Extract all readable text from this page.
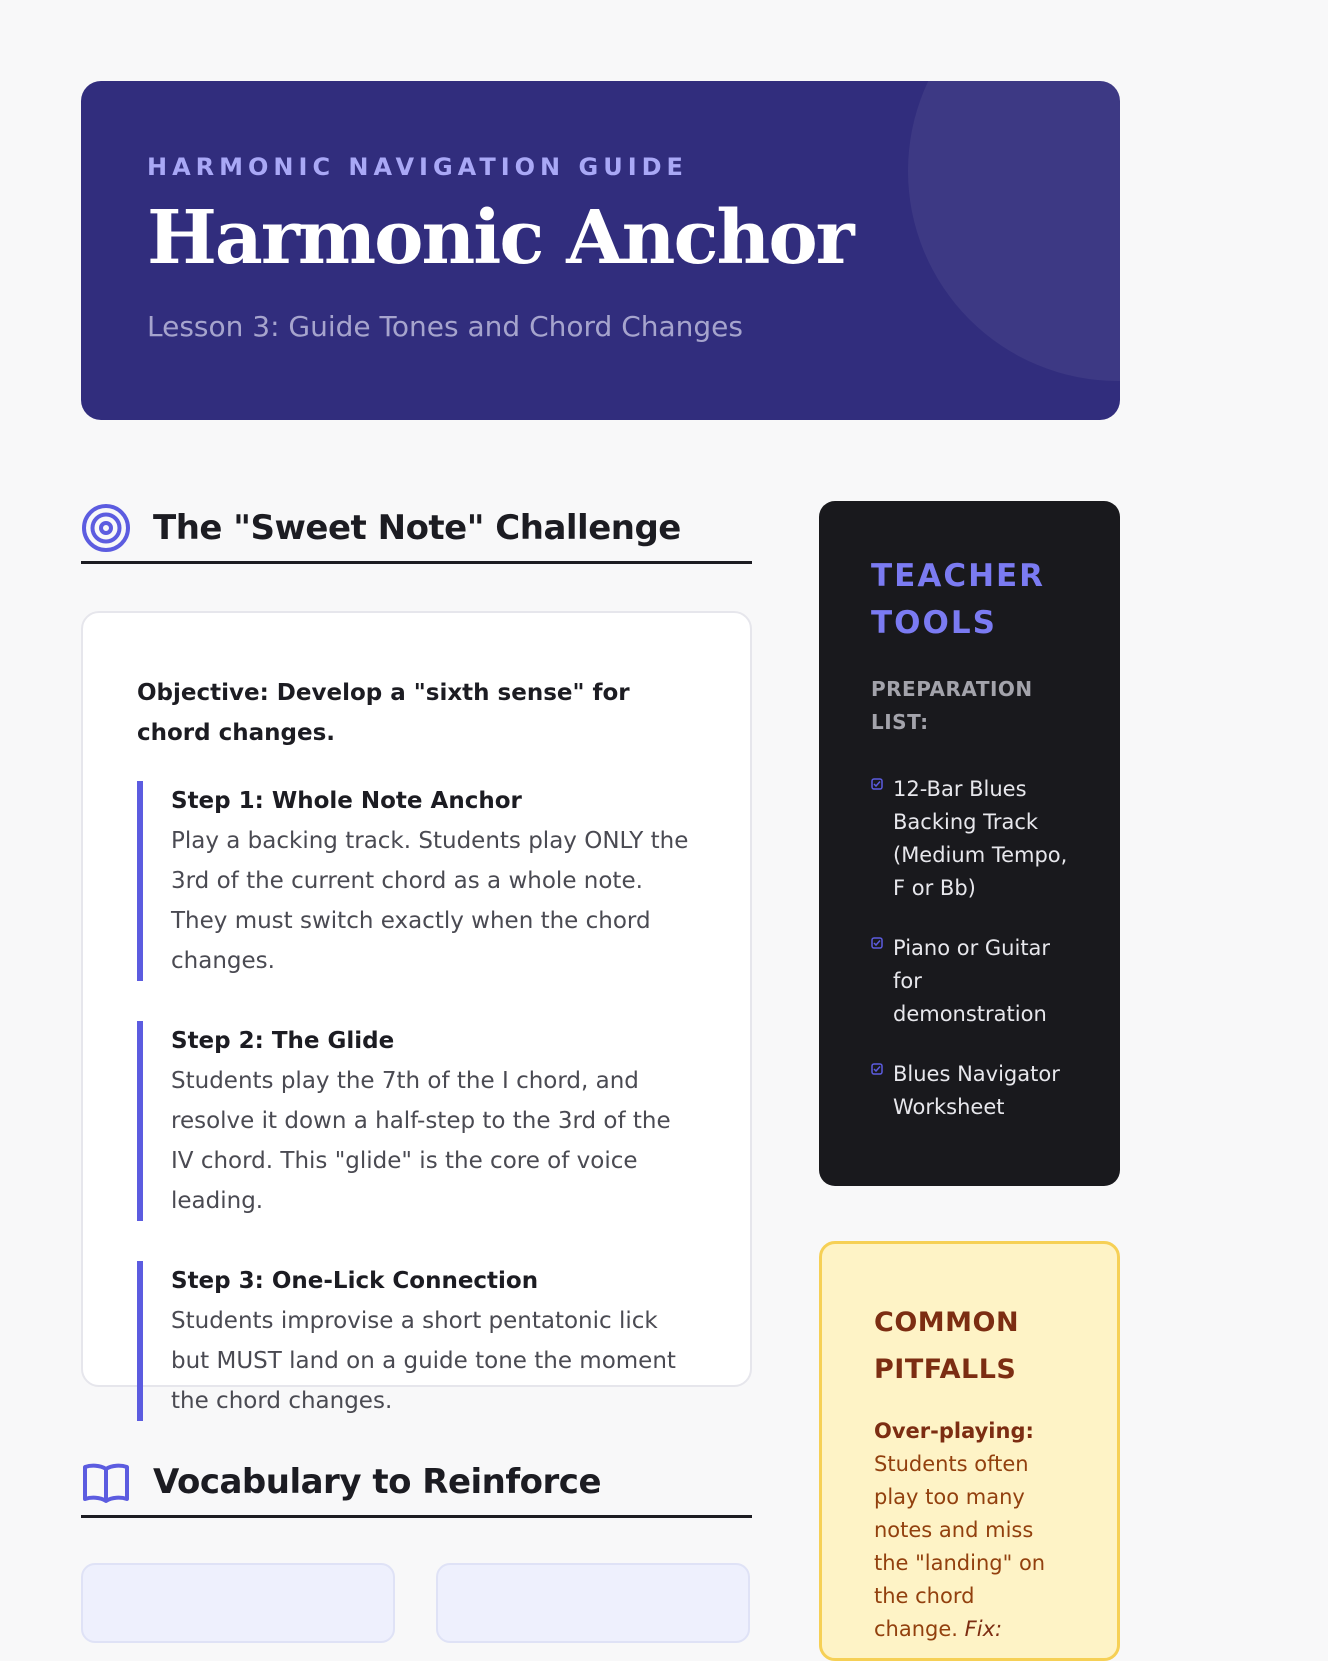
HARMONIC NAVIGATION GUIDE
Harmonic Anchor
Lesson 3: Guide Tones and Chord Changes
The "Sweet Note" Challenge

Objective: Develop a "sixth sense" for chord changes.

Step 1: Whole Note Anchor
Play a backing track. Students play ONLY the 3rd of the current chord as a whole note. They must switch exactly when the chord changes.
Step 2: The Glide
Students play the 7th of the I chord, and resolve it down a half-step to the 3rd of the IV chord. This "glide" is the core of voice leading.
Step 3: One-Lick Connection
Students improvise a short pentatonic lick but MUST land on a guide tone the moment the chord changes.
Vocabulary to Reinforce
TEACHER TOOLS
PREPARATION LIST:
12-Bar Blues Backing Track (Medium Tempo, F or Bb)
Piano or Guitar for demonstration
Blues Navigator Worksheet
COMMON PITFALLS

Over-playing:
Students often play too many notes and miss the "landing" on the chord change. Fix:
